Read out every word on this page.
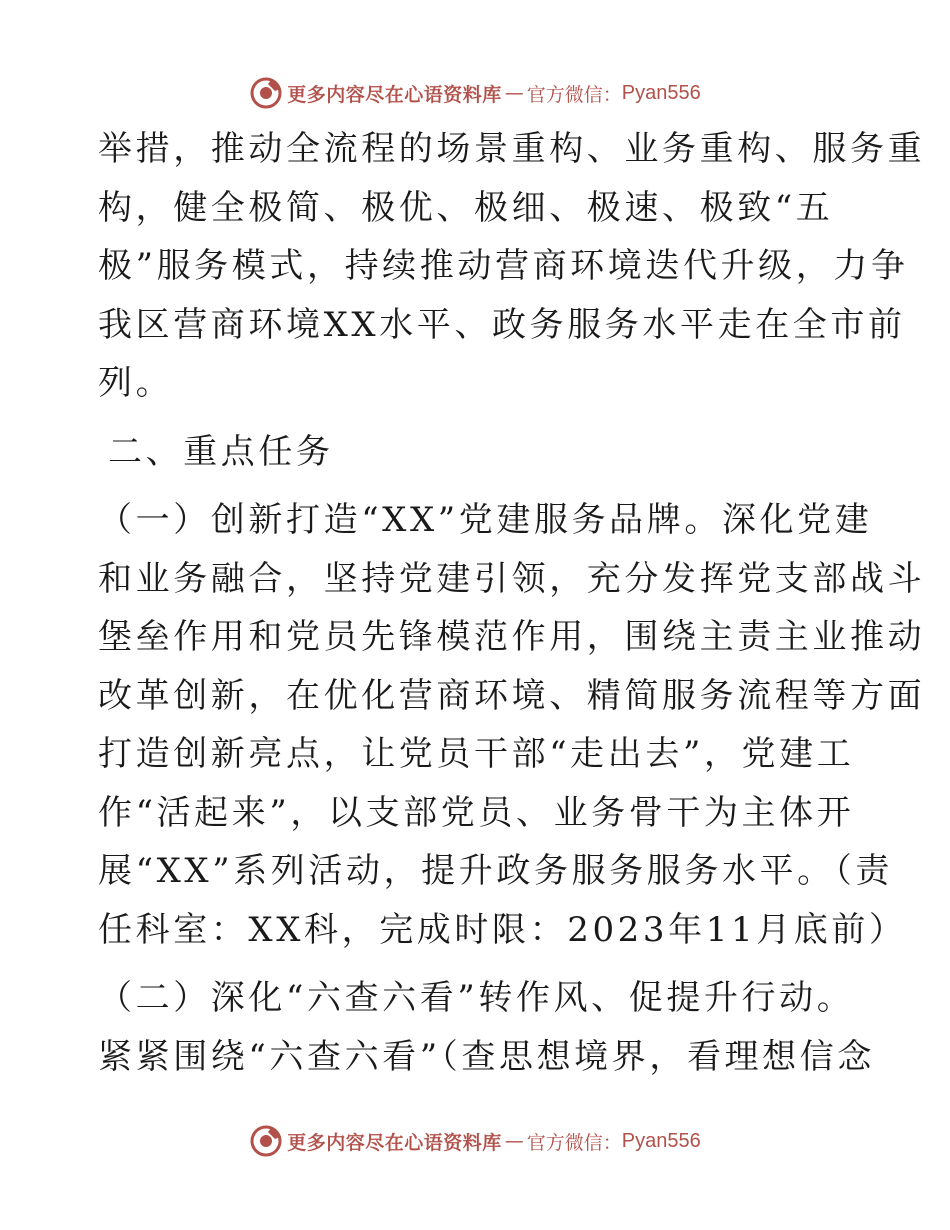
更多内容尽在心语资料库 — 官方微信： Pyan556
举措，推动全流程的场景重构、业务重构、服务重
构，健全极简、极优、极细、极速、极致“五
极”服务模式，持续推动营商环境迭代升级，力争
我区营商环境XX水平、政务服务水平走在全市前
列。
二、重点任务
（一）创新打造“XX”党建服务品牌。深化党建
和业务融合，坚持党建引领，充分发挥党支部战斗
堡垒作用和党员先锋模范作用，围绕主责主业推动
改革创新，在优化营商环境、精简服务流程等方面
打造创新亮点，让党员干部“走出去”，党建工
作“活起来”，以支部党员、业务骨干为主体开
展“XX”系列活动，提升政务服务服务水平。（责
任科室：XX科，完成时限：2023年11月底前）
（二）深化“六查六看”转作风、促提升行动。
紧紧围绕“六查六看”（查思想境界，看理想信念
更多内容尽在心语资料库 — 官方微信： Pyan556
